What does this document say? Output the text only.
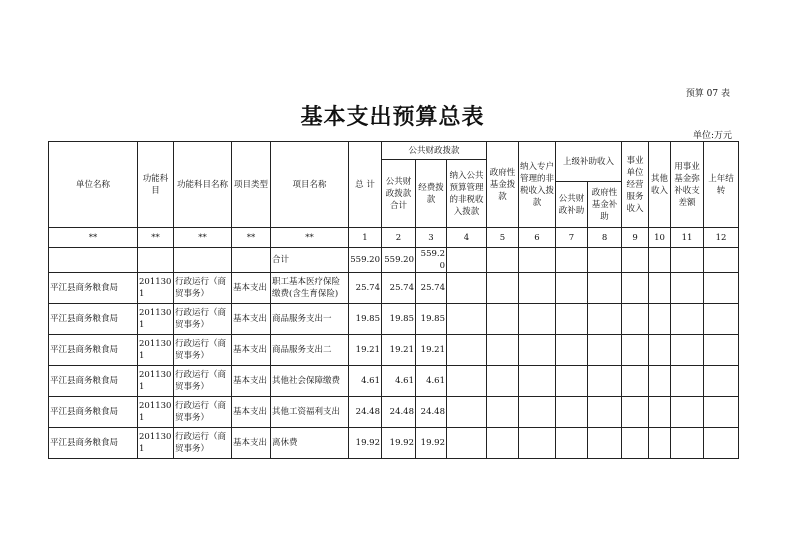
预算 07 表
基本支出预算总表
单位:万元
单位名称	功能科目	功能科目名称	项目类型	项目名称	总 计	公共财政拨款			政府性基金拨款	纳入专户管理的非税收入拨款	上级补助收入		事业单位经营服务收入	其他收入	用事业基金弥补收支差额	上年结转
						公共财政拨款合计	经费拨款	纳入公共预算管理的非税收入拨款								
											公共财政补助	政府性基金补助				
**	**	**	**	**	1	2	3	4	5	6	7	8	9	10	11	12
				合计	559.20	559.20	559.20									
平江县商务粮食局	2011301	行政运行（商贸事务）	基本支出	职工基本医疗保险缴费(含生育保险)	25.74	25.74	25.74									
平江县商务粮食局	2011301	行政运行（商贸事务）	基本支出	商品服务支出一	19.85	19.85	19.85									
平江县商务粮食局	2011301	行政运行（商贸事务）	基本支出	商品服务支出二	19.21	19.21	19.21									
平江县商务粮食局	2011301	行政运行（商贸事务）	基本支出	其他社会保障缴费	4.61	4.61	4.61									
平江县商务粮食局	2011301	行政运行（商贸事务）	基本支出	其他工资福利支出	24.48	24.48	24.48									
平江县商务粮食局	2011301	行政运行（商贸事务）	基本支出	离休费	19.92	19.92	19.92									
